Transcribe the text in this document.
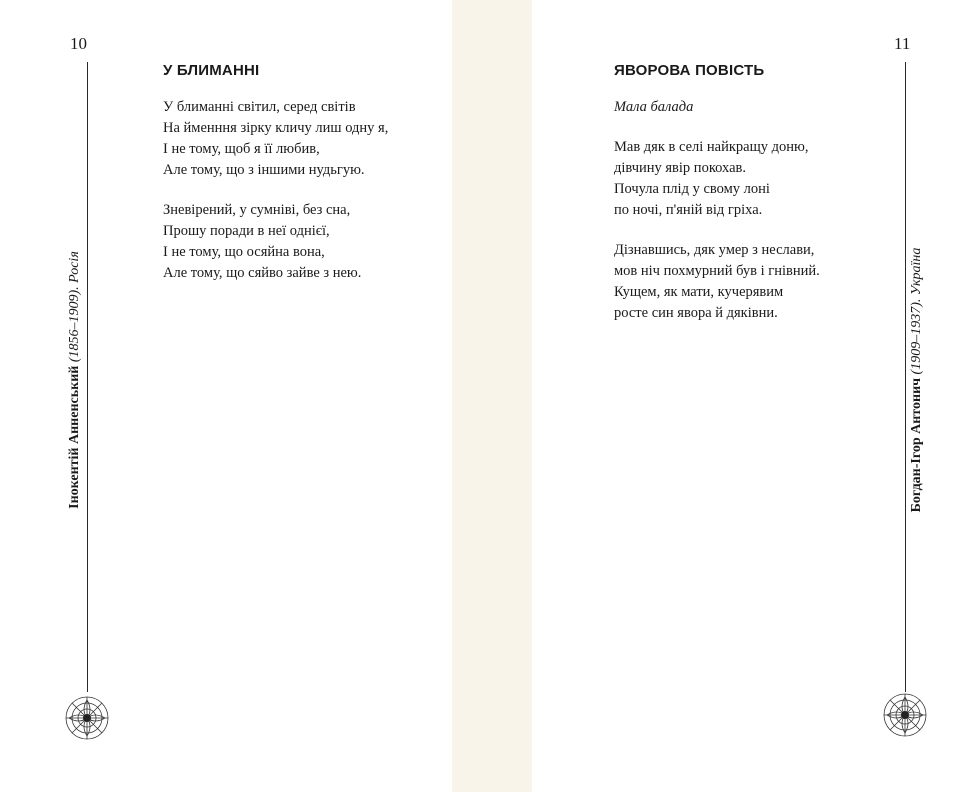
10
Інокентій Анненський (1856–1909). Росія
У БЛИМАННІ
У блиманні світил, серед світів
На йменння зірку кличу лиш одну я,
І не тому, щоб я її любив,
Але тому, що з іншими нудьгую.
Зневірений, у сумніві, без сна,
Прошу поради в неї однієї,
І не тому, що осяйна вона,
Але тому, що сяйво зайве з нею.
11
Богдан-Ігор Антонич (1909–1937). Україна
ЯВОРОВА ПОВІСТЬ
Мала балада
Мав дяк в селі найкращу доню,
дівчину явір покохав.
Почула плід у свому лоні
по ночі, п'яній від гріха.
Дізнавшись, дяк умер з неслави,
мов ніч похмурний був і гнівний.
Кущем, як мати, кучерявим
росте син явора й дяківни.
